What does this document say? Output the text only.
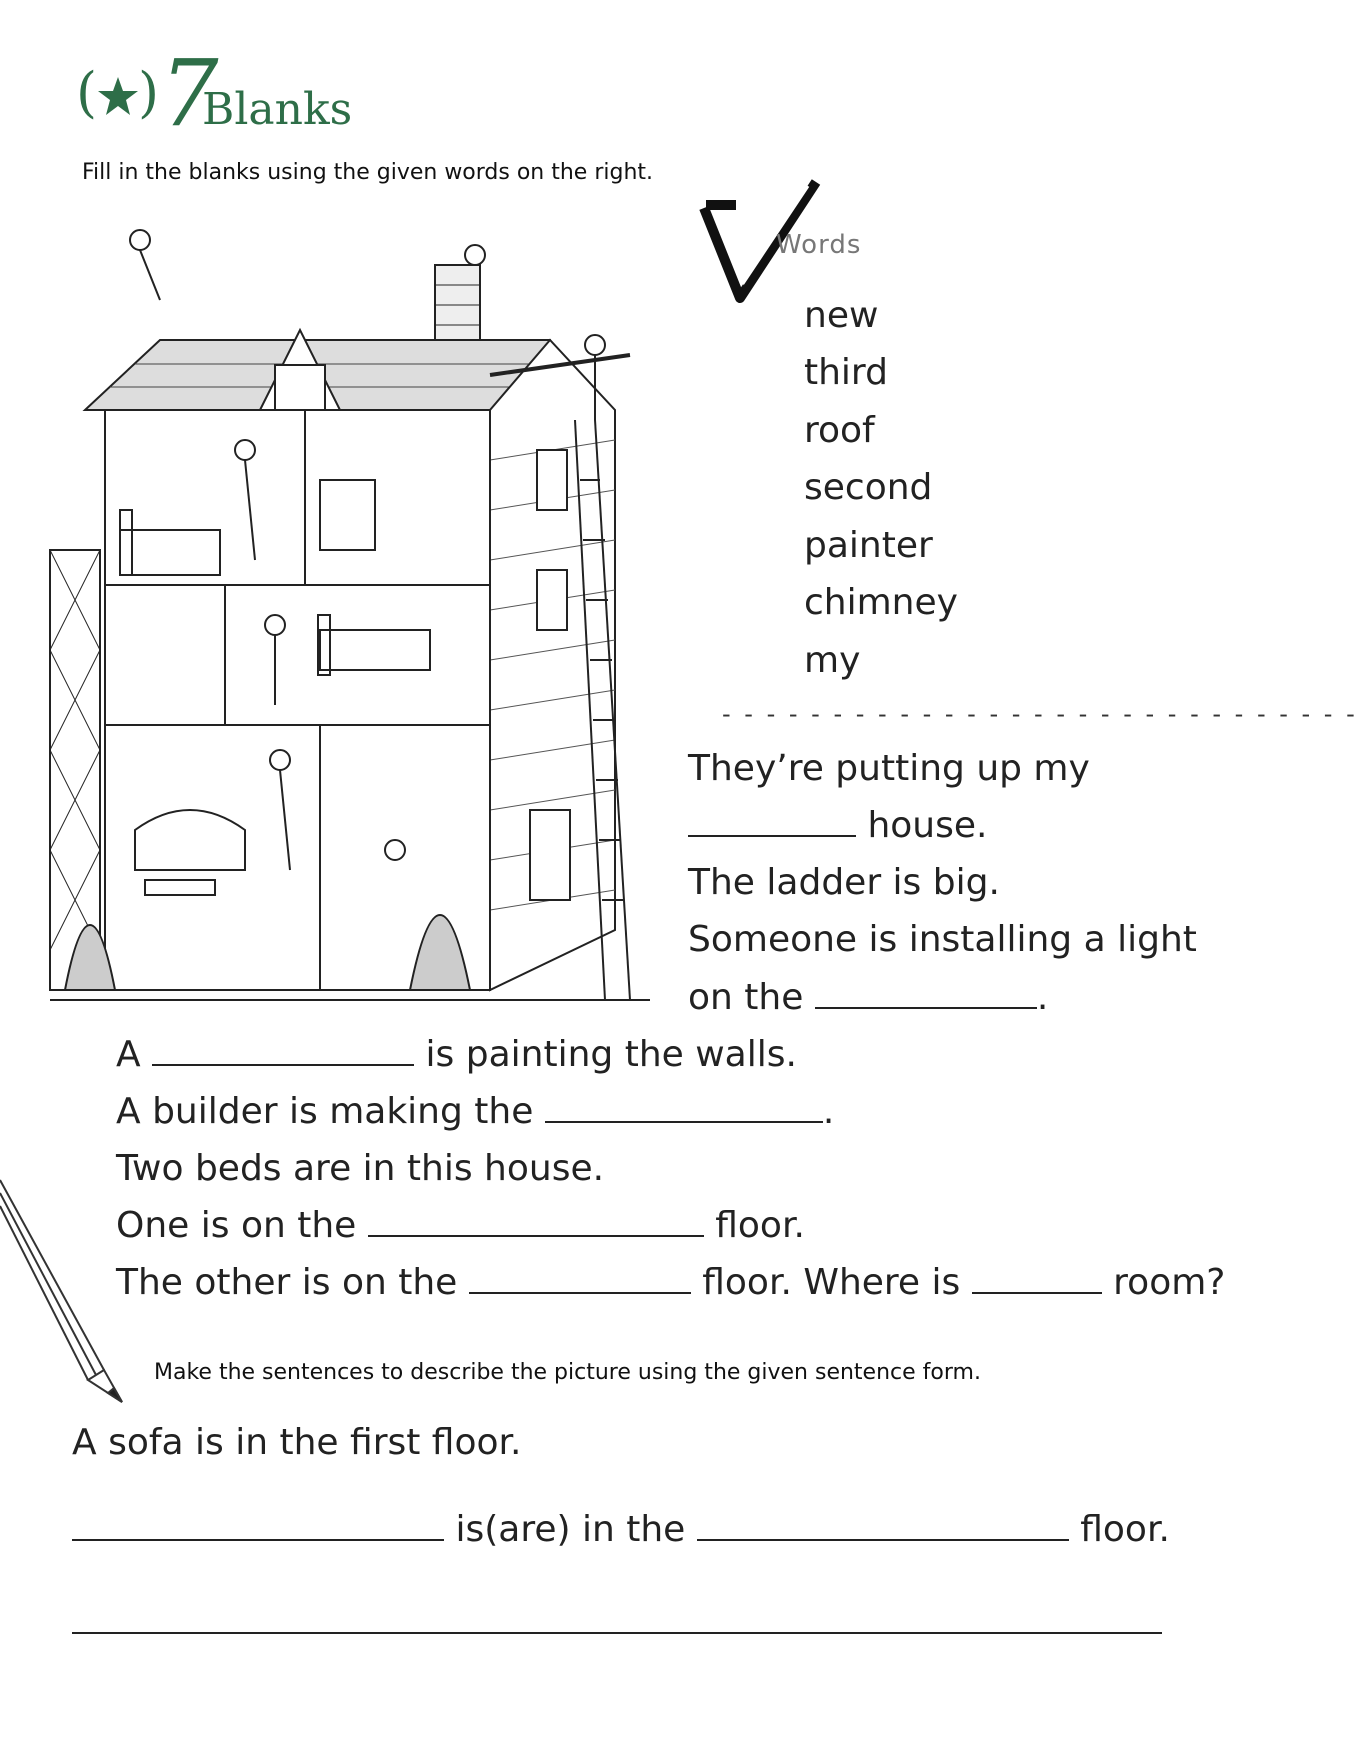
( ) 7
Blanks
Fill in the blanks using the given words on the right.
Words
new
third
roof
second
painter
chimney
my
- - - - - - - - - - - - - - - - - - - - - - - - - - - - -
They’re putting up my
house.
The ladder is big.
Someone is installing a light
on the	.
A	is painting the walls.
A builder is making the	.
Two beds are in this house.
One is on the	floor.
The other is on the	floor. Where is	room?
Make the sentences to describe the picture using the given sentence form.
A sofa is in the first floor.
is(are) in the	floor.
